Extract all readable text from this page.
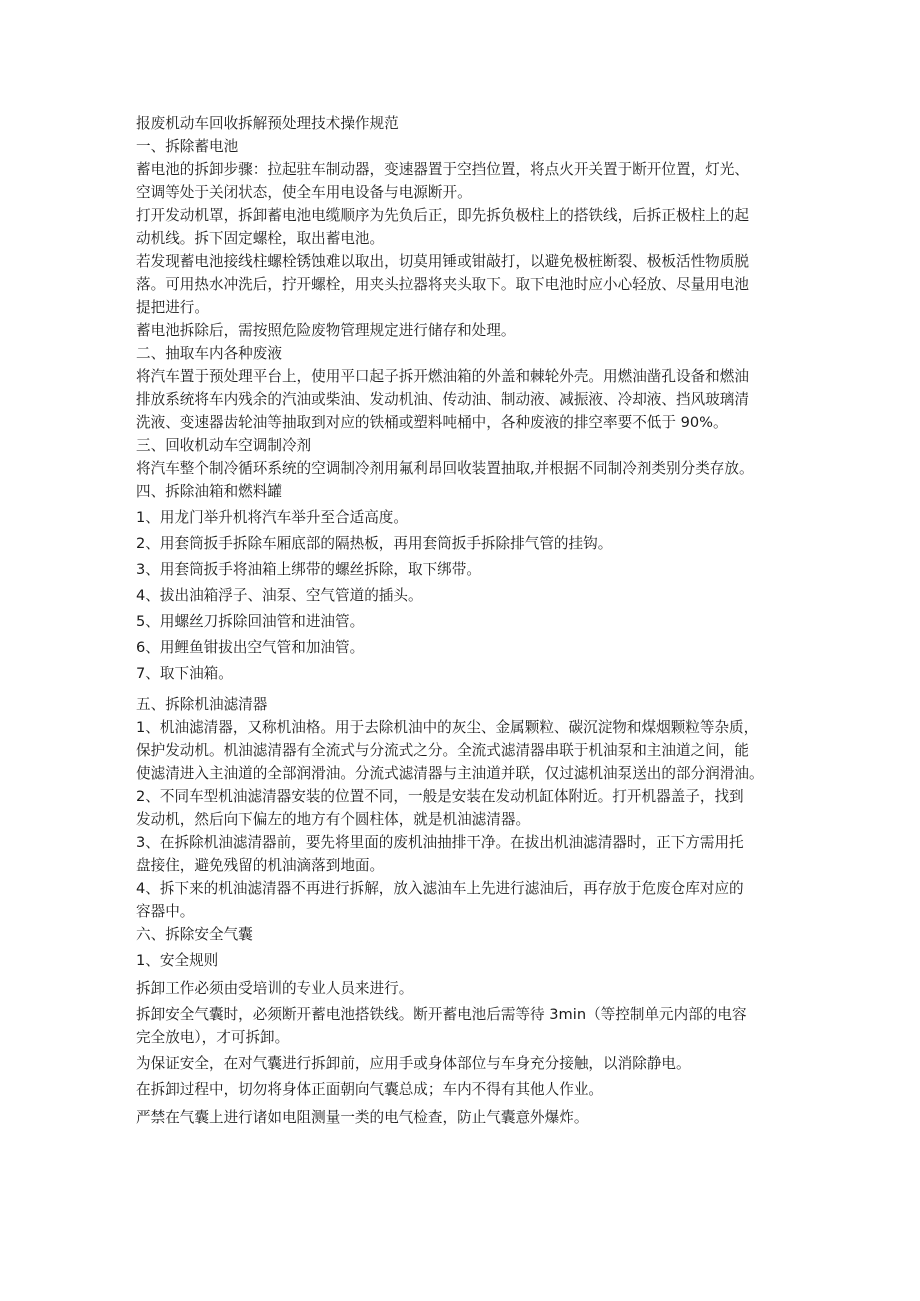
报废机动车回收拆解预处理技术操作规范

一、拆除蓄电池

蓄电池的拆卸步骤：拉起驻车制动器，变速器置于空挡位置，将点火开关置于断开位置，灯光、

空调等处于关闭状态，使全车用电设备与电源断开。

打开发动机罩，拆卸蓄电池电缆顺序为先负后正，即先拆负极柱上的搭铁线，后拆正极柱上的起

动机线。拆下固定螺栓，取出蓄电池。

若发现蓄电池接线柱螺栓锈蚀难以取出，切莫用锤或钳敲打，以避免极桩断裂、极板活性物质脱

落。可用热水冲洗后，拧开螺栓，用夹头拉器将夹头取下。取下电池时应小心轻放、尽量用电池

提把进行。

蓄电池拆除后，需按照危险废物管理规定进行储存和处理。

二、抽取车内各种废液

将汽车置于预处理平台上，使用平口起子拆开燃油箱的外盖和棘轮外壳。用燃油凿孔设备和燃油

排放系统将车内残余的汽油或柴油、发动机油、传动油、制动液、减振液、冷却液、挡风玻璃清

洗液、变速器齿轮油等抽取到对应的铁桶或塑料吨桶中，各种废液的排空率要不低于 90%。

三、回收机动车空调制冷剂

将汽车整个制冷循环系统的空调制冷剂用氟利昂回收装置抽取,并根据不同制冷剂类别分类存放。

四、拆除油箱和燃料罐

1、用龙门举升机将汽车举升至合适高度。

2、用套筒扳手拆除车厢底部的隔热板，再用套筒扳手拆除排气管的挂钩。

3、用套筒扳手将油箱上绑带的螺丝拆除，取下绑带。

4、拔出油箱浮子、油泵、空气管道的插头。

5、用螺丝刀拆除回油管和进油管。

6、用鲤鱼钳拔出空气管和加油管。

7、取下油箱。

五、拆除机油滤清器

1、机油滤清器，又称机油格。用于去除机油中的灰尘、金属颗粒、碳沉淀物和煤烟颗粒等杂质，

保护发动机。机油滤清器有全流式与分流式之分。全流式滤清器串联于机油泵和主油道之间，能

使滤清进入主油道的全部润滑油。分流式滤清器与主油道并联，仅过滤机油泵送出的部分润滑油。

2、不同车型机油滤清器安装的位置不同，一般是安装在发动机缸体附近。打开机器盖子，找到

发动机，然后向下偏左的地方有个圆柱体，就是机油滤清器。

3、在拆除机油滤清器前，要先将里面的废机油抽排干净。在拔出机油滤清器时，正下方需用托

盘接住，避免残留的机油滴落到地面。

4、拆下来的机油滤清器不再进行拆解，放入滤油车上先进行滤油后，再存放于危废仓库对应的

容器中。

六、拆除安全气囊

1、安全规则

拆卸工作必须由受培训的专业人员来进行。

拆卸安全气囊时，必须断开蓄电池搭铁线。断开蓄电池后需等待 3min（等控制单元内部的电容

完全放电），才可拆卸。

为保证安全，在对气囊进行拆卸前，应用手或身体部位与车身充分接触，以消除静电。

在拆卸过程中，切勿将身体正面朝向气囊总成；车内不得有其他人作业。

严禁在气囊上进行诸如电阻测量一类的电气检查，防止气囊意外爆炸。
